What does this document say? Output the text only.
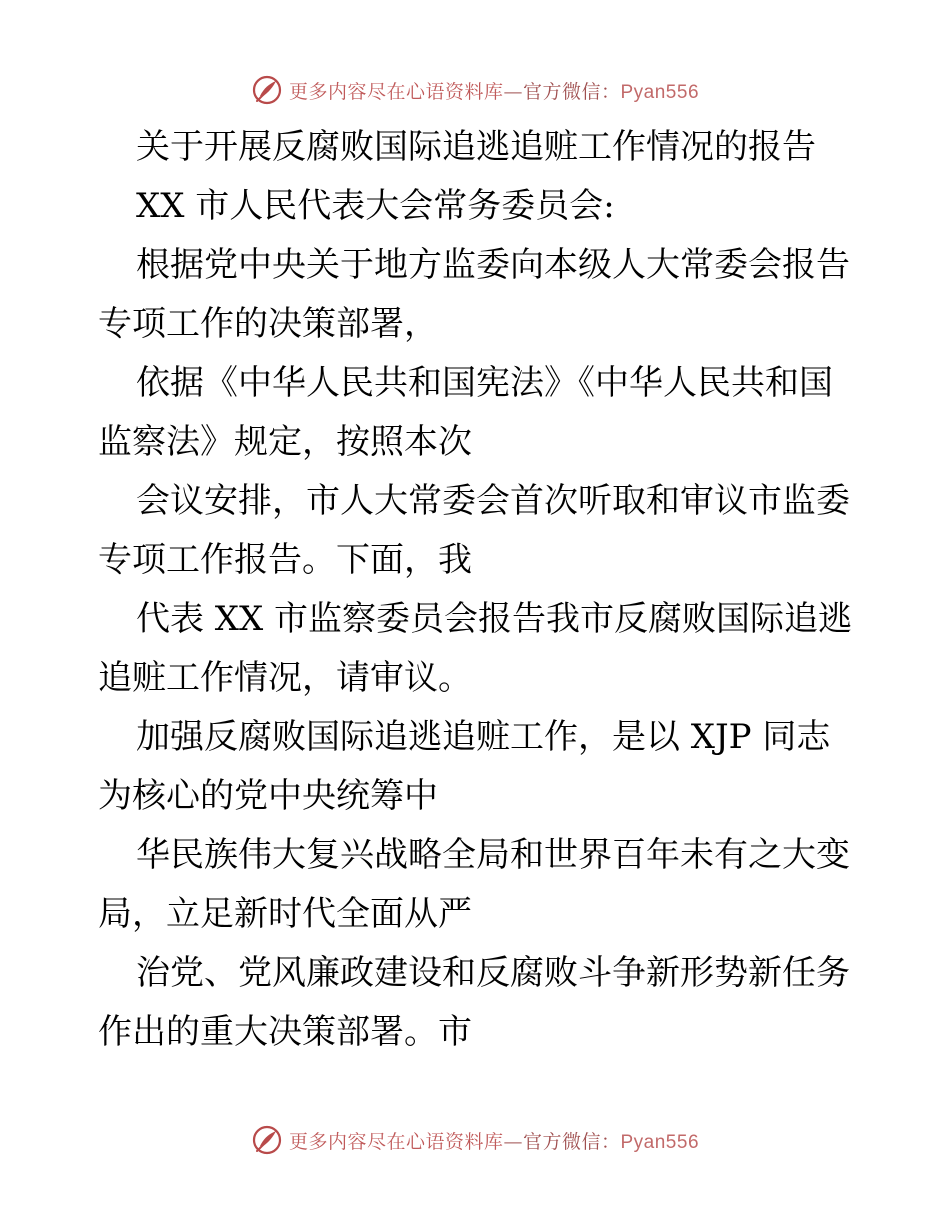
更多内容尽在心语资料库—官方微信：Pyan556
关于开展反腐败国际追逃追赃工作情况的报告
XX 市人民代表大会常务委员会:
根据党中央关于地方监委向本级人大常委会报告
专项工作的决策部署，
依据《中华人民共和国宪法》《中华人民共和国
监察法》规定，按照本次
会议安排，市人大常委会首次听取和审议市监委
专项工作报告。下面，我
代表 XX 市监察委员会报告我市反腐败国际追逃
追赃工作情况，请审议。
加强反腐败国际追逃追赃工作，是以 XJP 同志
为核心的党中央统筹中
华民族伟大复兴战略全局和世界百年未有之大变
局，立足新时代全面从严
治党、党风廉政建设和反腐败斗争新形势新任务
作出的重大决策部署。市
更多内容尽在心语资料库—官方微信：Pyan556
